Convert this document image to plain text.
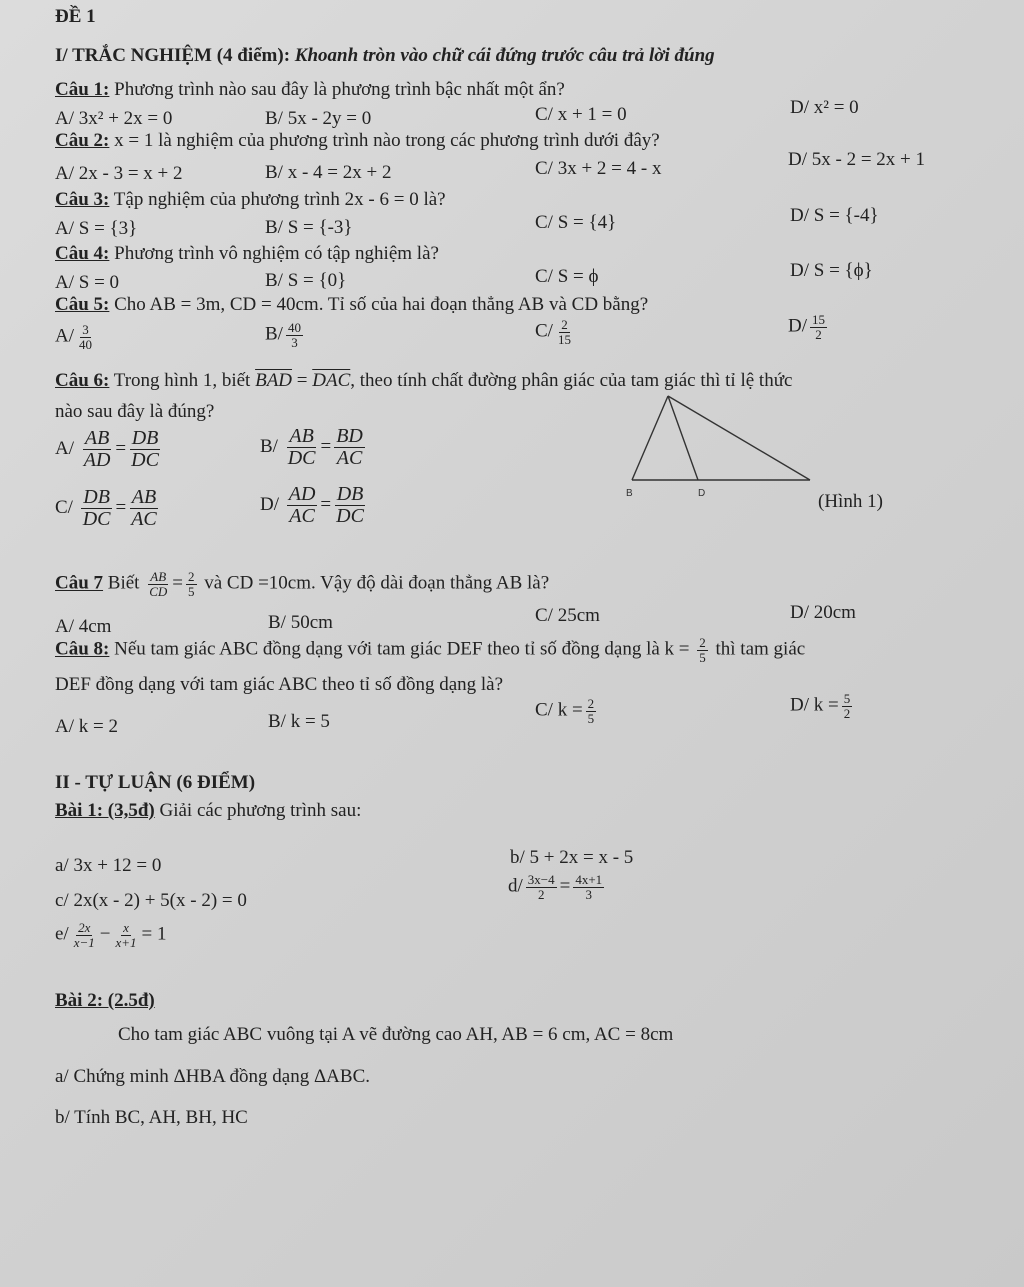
ĐỀ 1
I/ TRẮC NGHIỆM (4 điểm): Khoanh tròn vào chữ cái đứng trước câu trả lời đúng
Câu 1: Phương trình nào sau đây là phương trình bậc nhất một ẩn?
A/ 3x² + 2x = 0	B/ 5x - 2y = 0	C/ x + 1 = 0	D/ x² = 0
Câu 2: x = 1 là nghiệm của phương trình nào trong các phương trình dưới đây?
A/ 2x - 3 = x + 2	B/ x - 4 = 2x + 2	C/ 3x + 2 = 4 - x	D/ 5x - 2 = 2x + 1
Câu 3: Tập nghiệm của phương trình 2x - 6 = 0 là?
A/ S = {3}	B/ S = {-3}	C/ S = {4}	D/ S = {-4}
Câu 4: Phương trình vô nghiệm có tập nghiệm là?
A/ S = 0	B/ S = {0}	C/ S = ϕ	D/ S = {ϕ}
Câu 5: Cho AB = 3m, CD = 40cm. Tỉ số của hai đoạn thẳng AB và CD bằng?
$A/ \frac{3}{40}$	$B/ \frac{40}{3}$	$C/ \frac{2}{15}$	$D/ \frac{15}{2}$
Câu 6: Trong hình 1, biết $\overline{BAD} = \overline{DAC}$, theo tính chất đường phân giác của tam giác thì tỉ lệ thức
nào sau đây là đúng?
$A/ \frac{AB}{AD} = \frac{DB}{DC}$	$B/ \frac{AB}{DC} = \frac{BD}{AC}$
$C/ \frac{DB}{DC} = \frac{AB}{AC}$	$D/ \frac{AD}{AC} = \frac{DB}{DC}$	B	D	(Hình 1)
Câu 7 Biết $\frac{AB}{CD} = \frac{2}{5}$ và CD =10cm. Vậy độ dài đoạn thẳng AB là?
A/ 4cm	B/ 50cm	C/ 25cm	D/ 20cm
Câu 8: Nếu tam giác ABC đồng dạng với tam giác DEF theo tỉ số đồng dạng là $k = \frac{2}{5}$ thì tam giác
DEF đồng dạng với tam giác ABC theo tỉ số đồng dạng là?
A/ k = 2	B/ k = 5
C/ $k = \frac{2}{5}$	D/ $k = \frac{5}{2}$
II - TỰ LUẬN (6 ĐIỂM)
Bài 1: (3,5đ) Giải các phương trình sau:
a/ 3x + 12 = 0	b/ 5 + 2x = x - 5
c/ 2x(x - 2) + 5(x - 2) = 0
$d/ \frac{3x-4}{2} = \frac{4x+1}{3}$
$e/ \frac{2x}{x-1} - \frac{x}{x+1} = 1$
Bài 2: (2.5đ)
Cho tam giác ABC vuông tại A vẽ đường cao AH, AB = 6 cm, AC = 8cm
a/ Chứng minh ΔHBA đồng dạng ΔABC.
b/ Tính BC, AH, BH, HC
